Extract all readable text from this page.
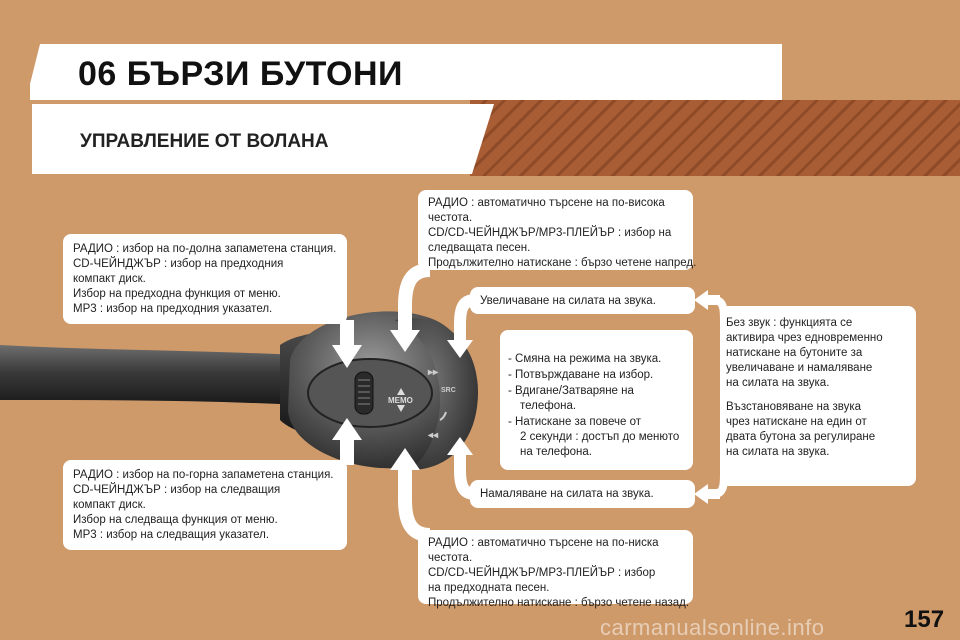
06 БЪРЗИ БУТОНИ
УПРАВЛЕНИЕ ОТ ВОЛАНА
MEMO
▸▸
◂◂
SRC
РАДИО : избор на по-долна запаметена станция.
CD-ЧЕЙНДЖЪР : избор на предходния
компакт диск.
Избор на предходна функция от меню.
MP3 : избор на предходния указател.
РАДИО : избор на по-горна запаметена станция.
CD-ЧЕЙНДЖЪР : избор на следващия
компакт диск.
Избор на следваща функция от меню.
MP3 : избор на следващия указател.
РАДИО : автоматично търсене на по-висока
честота.
CD/CD-ЧЕЙНДЖЪР/MP3-ПЛЕЙЪР : избор на
следващата песен.
Продължително натискане : бързо четене напред.
Увеличаване на силата на звука.
- Смяна на режима на звука.
- Потвърждаване на избор.
- Вдигане/Затваряне на
телефона.
- Натискане за повече от
2 секунди : достъп до менюто
на телефона.
Намаляване на силата на звука.
РАДИО : автоматично търсене на по-ниска
честота.
CD/CD-ЧЕЙНДЖЪР/MP3-ПЛЕЙЪР : избор
на предходната песен.
Продължително натискане : бързо четене назад.
Без звук : функцията се
активира чрез едновременно
натискане на бутоните за
увеличаване и намаляване
на силата на звука.
Възстановяване на звука
чрез натискане на един от
двата бутона за регулиране
на силата на звука.
157
carmanualsonline.info
